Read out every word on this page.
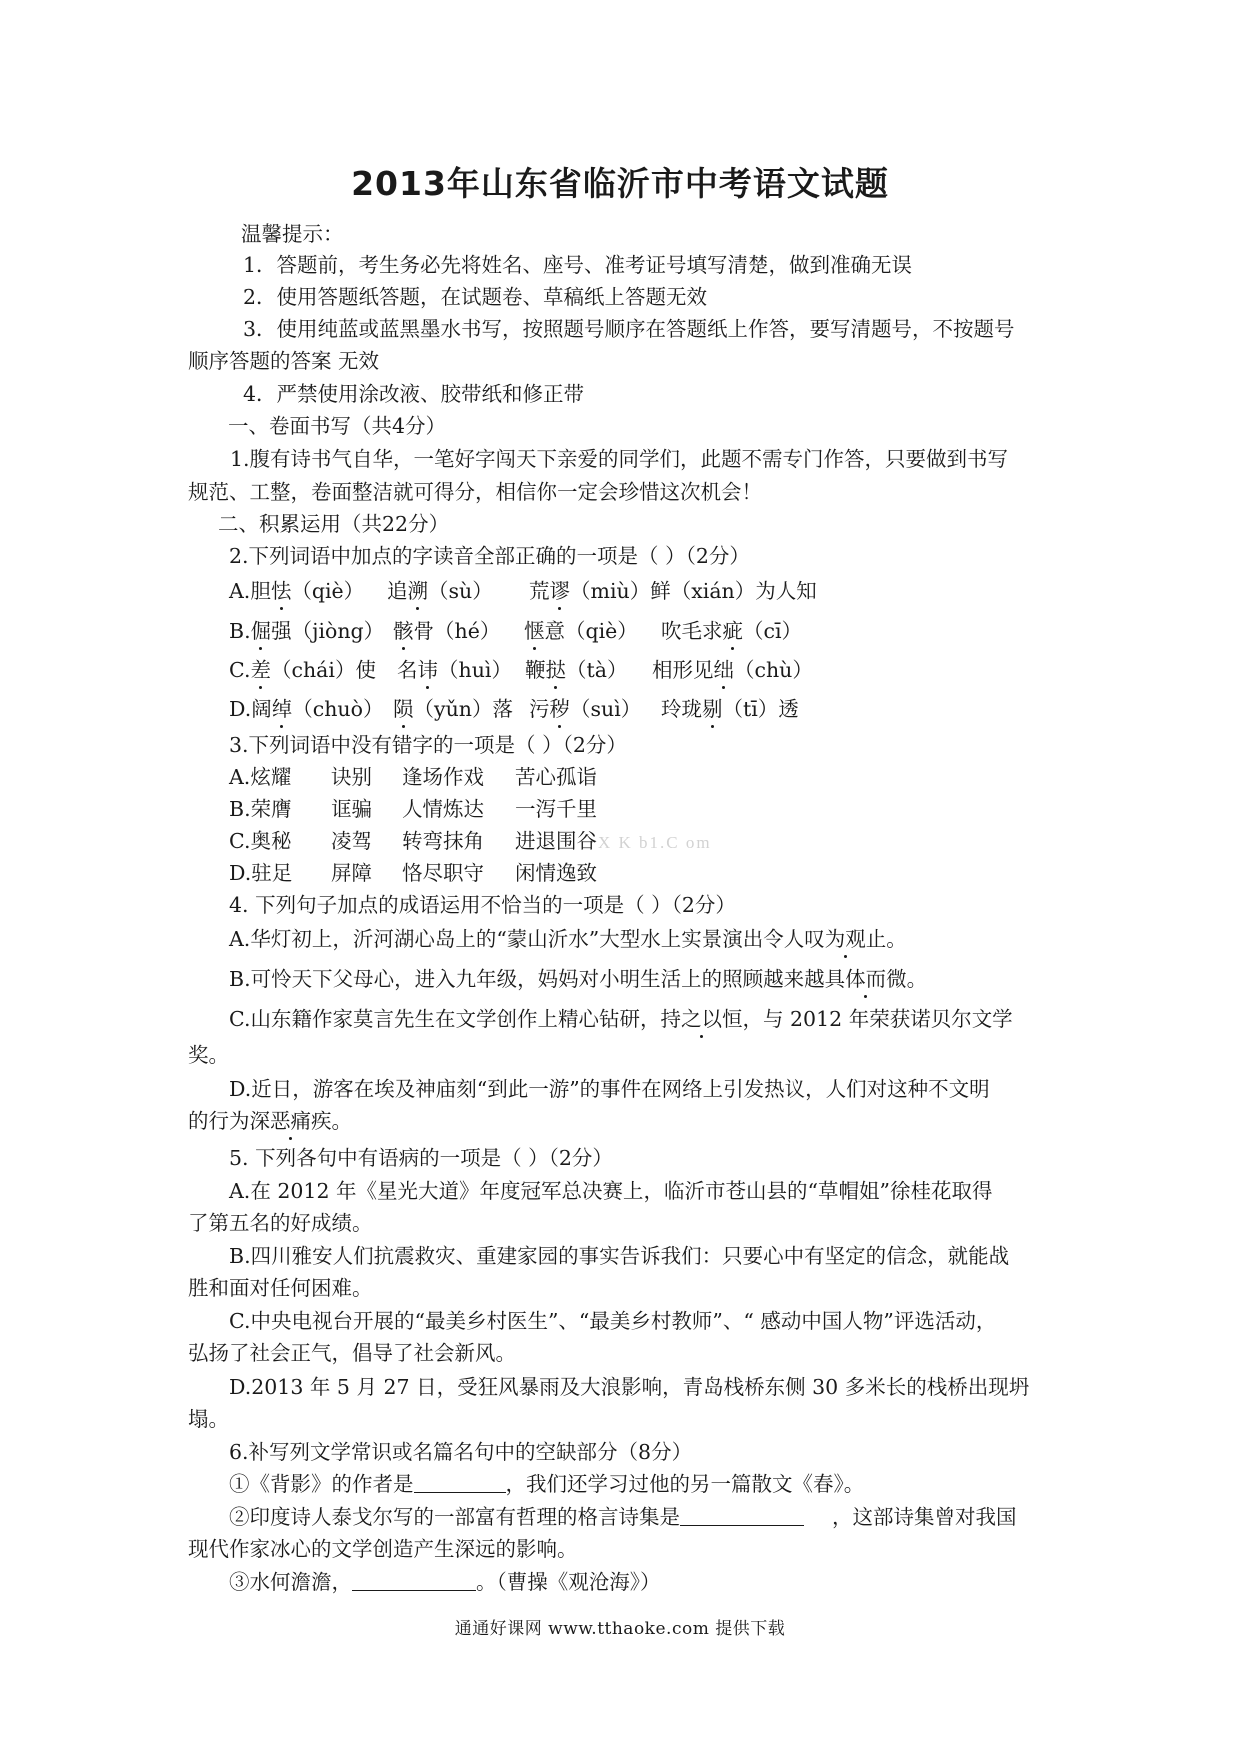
2013年山东省临沂市中考语文试题
温馨提示：
1．答题前，考生务必先将姓名、座号、准考证号填写清楚，做到准确无误
2．使用答题纸答题，在试题卷、草稿纸上答题无效
3．使用纯蓝或蓝黑墨水书写，按照题号顺序在答题纸上作答，要写清题号，不按题号
顺序答题的答案 无效
4．严禁使用涂改液、胶带纸和修正带
一、卷面书写（共4分）
1.腹有诗书气自华，一笔好字闯天下亲爱的同学们，此题不需专门作答，只要做到书写
规范、工整，卷面整洁就可得分，相信你一定会珍惜这次机会！
二、积累运用（共22分）
2.下列词语中加点的字读音全部正确的一项是（ ）（2分）
A.胆怯（qiè） 追溯（sù） 荒谬（miù）鲜（xián）为人知
B.倔强（jiòng） 骸骨（hé） 惬意（qiè） 吹毛求疵（cī）
C.差（chái）使 名讳（huì） 鞭挞（tà） 相形见绌（chù）
D.阔绰（chuò） 陨（yǔn）落 污秽（suì） 玲珑剔（tī）透
3.下列词语中没有错字的一项是（ ）（2分）
A.炫耀 诀别 逢场作戏 苦心孤诣
B.荣膺 诓骗 人情炼达 一泻千里
C.奥秘 凌驾 转弯抹角 进退围谷 X K b1.C om
D.驻足 屏障 恪尽职守 闲情逸致
4. 下列句子加点的成语运用不恰当的一项是（ ）（2分）
A.华灯初上，沂河湖心岛上的“蒙山沂水”大型水上实景演出令人叹为观止。
B.可怜天下父母心，进入九年级，妈妈对小明生活上的照顾越来越具体而微。
C.山东籍作家莫言先生在文学创作上精心钻研，持之以恒，与 2012 年荣获诺贝尔文学
奖。
D.近日，游客在埃及神庙刻“到此一游”的事件在网络上引发热议，人们对这种不文明
的行为深恶痛疾。
5. 下列各句中有语病的一项是（ ）（2分）
A.在 2012 年《星光大道》年度冠军总决赛上，临沂市苍山县的“草帽姐”徐桂花取得
了第五名的好成绩。
B.四川雅安人们抗震救灾、重建家园的事实告诉我们：只要心中有坚定的信念，就能战
胜和面对任何困难。
C.中央电视台开展的“最美乡村医生”、“最美乡村教师”、“ 感动中国人物”评选活动，
弘扬了社会正气，倡导了社会新风。
D.2013 年 5 月 27 日，受狂风暴雨及大浪影响，青岛栈桥东侧 30 多米长的栈桥出现坍
塌。
6.补写列文学常识或名篇名句中的空缺部分（8分）
①《背影》的作者是	，我们还学习过他的另一篇散文《春》。
②印度诗人泰戈尔写的一部富有哲理的格言诗集是	，这部诗集曾对我国
现代作家冰心的文学创造产生深远的影响。
③水何澹澹，	。（曹操《观沧海》）
通通好课网 www.tthaoke.com 提供下载
